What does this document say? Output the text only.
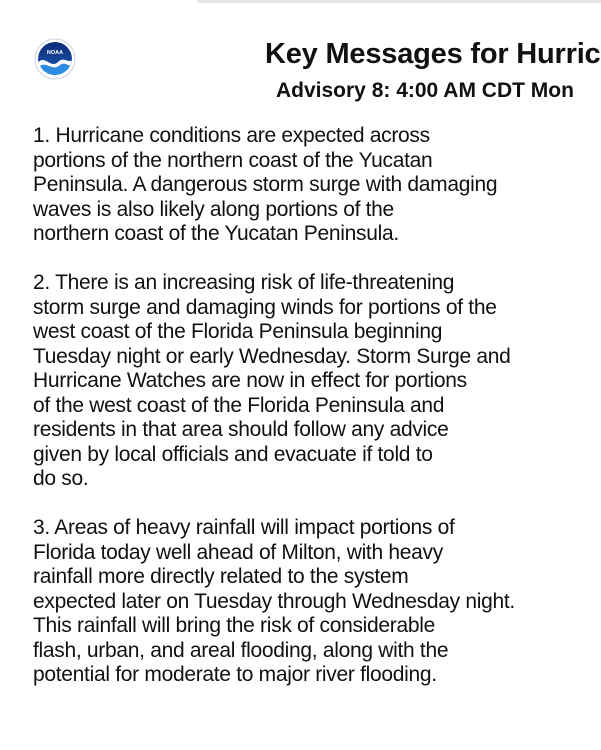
NOAA	Key Messages for Hurric
Advisory 8: 4:00 AM CDT Mon

1. Hurricane conditions are expected across
portions of the northern coast of the Yucatan
Peninsula. A dangerous storm surge with damaging
waves is also likely along portions of the
northern coast of the Yucatan Peninsula.

2. There is an increasing risk of life-threatening
storm surge and damaging winds for portions of the
west coast of the Florida Peninsula beginning
Tuesday night or early Wednesday. Storm Surge and
Hurricane Watches are now in effect for portions
of the west coast of the Florida Peninsula and
residents in that area should follow any advice
given by local officials and evacuate if told to
do so.

3. Areas of heavy rainfall will impact portions of
Florida today well ahead of Milton, with heavy
rainfall more directly related to the system
expected later on Tuesday through Wednesday night.
This rainfall will bring the risk of considerable
flash, urban, and areal flooding, along with the
potential for moderate to major river flooding.
